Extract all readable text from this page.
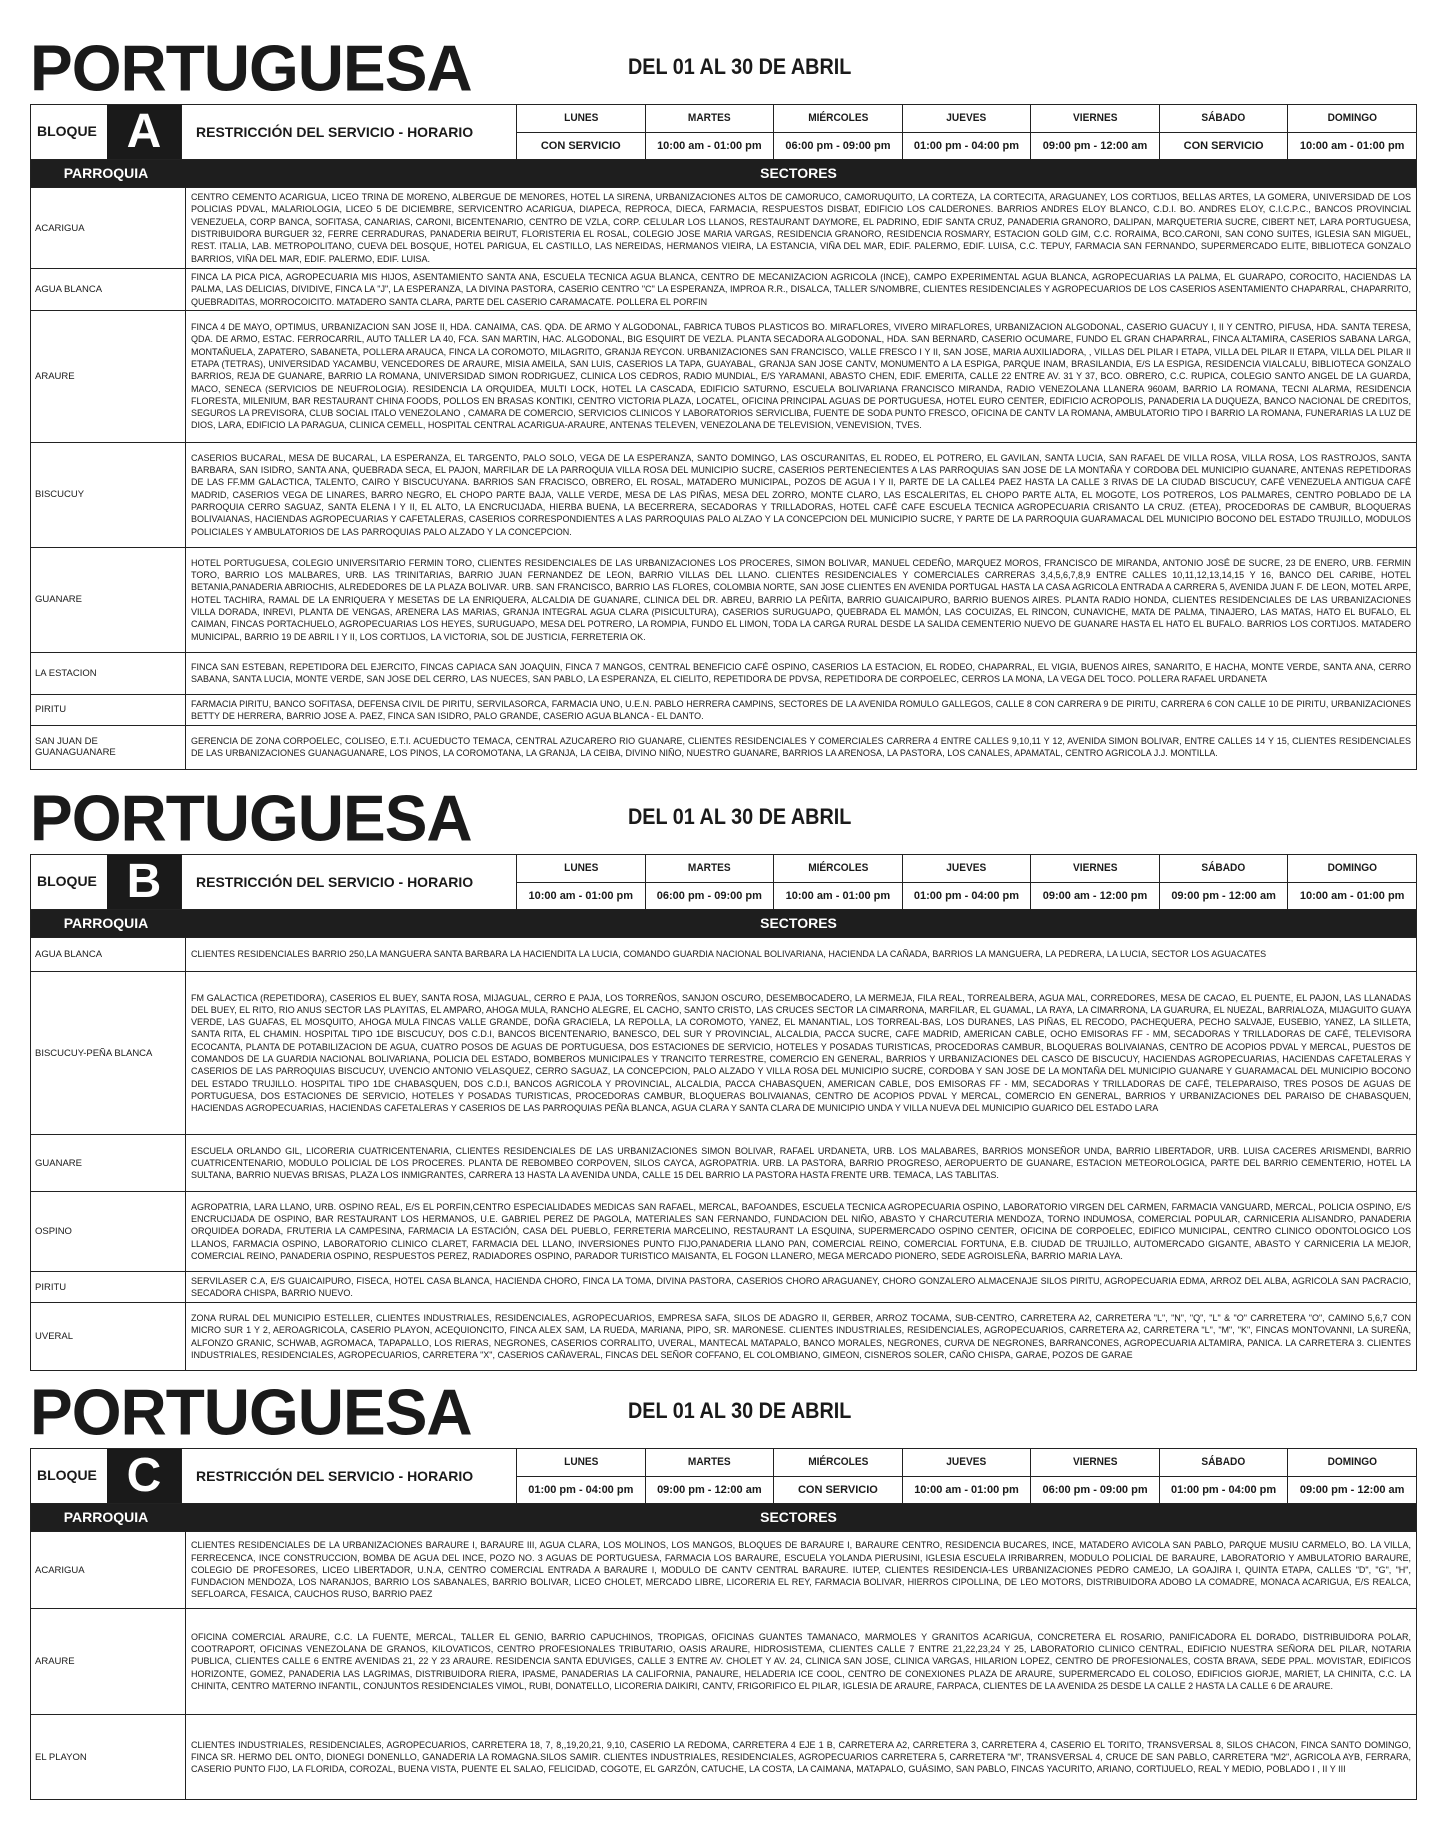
PORTUGUESA	DEL 01 AL 30 DE ABRIL
BLOQUE A	RESTRICCIÓN DEL SERVICIO - HORARIO	LUNES	MARTES	MIÉRCOLES	JUEVES	VIERNES	SÁBADO	DOMINGO
		CON SERVICIO	10:00 am - 01:00 pm	06:00 pm - 09:00 pm	01:00 pm - 04:00 pm	09:00 pm - 12:00 am	CON SERVICIO	10:00 am - 01:00 pm
PARROQUIA	SECTORES
ACARIGUA	CENTRO CEMENTO ACARIGUA, LICEO TRINA DE MORENO, ALBERGUE DE MENORES, HOTEL LA SIRENA, URBANIZACIONES ALTOS DE CAMORUCO, CAMORUQUITO, LA CORTEZA, LA CORTECITA, ARAGUANEY, LOS CORTIJOS, BELLAS ARTES, LA GOMERA, UNIVERSIDAD DE LOS POLICIAS PDVAL, MALARIOLOGIA, LICEO 5 DE DICIEMBRE, SERVICENTRO ACARIGUA, DIAPECA, REPROCA, DIECA, FARMACIA, RESPUESTOS DISBAT, EDIFICIO LOS CALDERONES. BARRIOS ANDRES ELOY BLANCO, C.D.I. BO. ANDRES ELOY, C.I.C.P.C., BANCOS PROVINCIAL VENEZUELA, CORP BANCA, SOFITASA, CANARIAS, CARONI, BICENTENARIO, CENTRO DE VZLA, CORP. CELULAR LOS LLANOS, RESTAURANT DAYMORE, EL PADRINO, EDIF SANTA CRUZ, PANADERIA GRANORO, DALIPAN, MARQUETERIA SUCRE, CIBERT NET, LARA PORTUGUESA, DISTRIBUIDORA BURGUER 32, FERRE CERRADURAS, PANADERIA BEIRUT, FLORISTERIA EL ROSAL, COLEGIO JOSE MARIA VARGAS, RESIDENCIA GRANORO, RESIDENCIA ROSMARY, ESTACION GOLD GIM, C.C. RORAIMA, BCO.CARONI, SAN CONO SUITES, IGLESIA SAN MIGUEL, REST. ITALIA, LAB. METROPOLITANO, CUEVA DEL BOSQUE, HOTEL PARIGUA, EL CASTILLO, LAS NEREIDAS, HERMANOS VIEIRA, LA ESTANCIA, VIÑA DEL MAR, EDIF. PALERMO, EDIF. LUISA, C.C. TEPUY, FARMACIA SAN FERNANDO, SUPERMERCADO ELITE, BIBLIOTECA GONZALO BARRIOS, VIÑA DEL MAR, EDIF. PALERMO, EDIF. LUISA.
AGUA BLANCA	FINCA LA PICA PICA, AGROPECUARIA MIS HIJOS, ASENTAMIENTO SANTA ANA, ESCUELA TECNICA AGUA BLANCA, CENTRO DE MECANIZACION AGRICOLA (INCE), CAMPO EXPERIMENTAL AGUA BLANCA, AGROPECUARIAS LA PALMA, EL GUARAPO, COROCITO, HACIENDAS LA PALMA, LAS DELICIAS, DIVIDIVE, FINCA LA "J", LA ESPERANZA, LA DIVINA PASTORA, CASERIO CENTRO "C" LA ESPERANZA, IMPROA R.R., DISALCA, TALLER S/NOMBRE, CLIENTES RESIDENCIALES Y AGROPECUARIOS DE LOS CASERIOS ASENTAMIENTO CHAPARRAL, CHAPARRITO, QUEBRADITAS, MORROCOICITO. MATADERO SANTA CLARA, PARTE DEL CASERIO CARAMACATE. POLLERA EL PORFIN
ARAURE	FINCA 4 DE MAYO, OPTIMUS, URBANIZACION SAN JOSE II, HDA. CANAIMA, CAS. QDA. DE ARMO Y ALGODONAL, FABRICA TUBOS PLASTICOS BO. MIRAFLORES, VIVERO MIRAFLORES, URBANIZACION ALGODONAL, CASERIO GUACUY I, II Y CENTRO, PIFUSA, HDA. SANTA TERESA, QDA. DE ARMO, ESTAC. FERROCARRIL, AUTO TALLER LA 40, FCA. SAN MARTIN, HAC. ALGODONAL, BIG ESQUIRT DE VEZLA. PLANTA SECADORA ALGODONAL, HDA. SAN BERNARD, CASERIO OCUMARE, FUNDO EL GRAN CHAPARRAL, FINCA ALTAMIRA, CASERIOS SABANA LARGA, MONTAÑUELA, ZAPATERO, SABANETA, POLLERA ARAUCA, FINCA LA COROMOTO, MILAGRITO, GRANJA REYCON. URBANIZACIONES SAN FRANCISCO, VALLE FRESCO I Y II, SAN JOSE, MARIA AUXILIADORA, , VILLAS DEL PILAR I ETAPA, VILLA DEL PILAR II ETAPA, VILLA DEL PILAR II ETAPA (TETRAS), UNIVERSIDAD YACAMBU, VENCEDORES DE ARAURE, MISIA AMEILA, SAN LUIS, CASERIOS LA TAPA, GUAYABAL, GRANJA SAN JOSE CANTV, MONUMENTO A LA ESPIGA, PARQUE INAM, BRASILANDIA, E/S LA ESPIGA, RESIDENCIA VIALCALU, BIBLIOTECA GONZALO BARRIOS, REJA DE GUANARE, BARRIO LA ROMANA, UNIVERSIDAD SIMON RODRIGUEZ, CLINICA LOS CEDROS, RADIO MUNDIAL, E/S YARAMANI, ABASTO CHEN, EDIF. EMERITA, CALLE 22 ENTRE AV. 31 Y 37, BCO. OBRERO, C.C. RUPICA, COLEGIO SANTO ANGEL DE LA GUARDA, MACO, SENECA (SERVICIOS DE NEUFROLOGIA). RESIDENCIA LA ORQUIDEA, MULTI LOCK, HOTEL LA CASCADA, EDIFICIO SATURNO, ESCUELA BOLIVARIANA FRANCISCO MIRANDA, RADIO VENEZOLANA LLANERA 960AM, BARRIO LA ROMANA, TECNI ALARMA, RESIDENCIA FLORESTA, MILENIUM, BAR RESTAURANT CHINA FOODS, POLLOS EN BRASAS KONTIKI, CENTRO VICTORIA PLAZA, LOCATEL, OFICINA PRINCIPAL AGUAS DE PORTUGUESA, HOTEL EURO CENTER, EDIFICIO ACROPOLIS, PANADERIA LA DUQUEZA, BANCO NACIONAL DE CREDITOS, SEGUROS LA PREVISORA, CLUB SOCIAL ITALO VENEZOLANO , CAMARA DE COMERCIO, SERVICIOS CLINICOS Y LABORATORIOS SERVICLIBA, FUENTE DE SODA PUNTO FRESCO, OFICINA DE CANTV LA ROMANA, AMBULATORIO TIPO I BARRIO LA ROMANA, FUNERARIAS LA LUZ DE DIOS, LARA, EDIFICIO LA PARAGUA, CLINICA CEMELL, HOSPITAL CENTRAL ACARIGUA-ARAURE, ANTENAS TELEVEN, VENEZOLANA DE TELEVISION, VENEVISION, TVES.
BISCUCUY	CASERIOS BUCARAL, MESA DE BUCARAL, LA ESPERANZA, EL TARGENTO, PALO SOLO, VEGA DE LA ESPERANZA, SANTO DOMINGO, LAS OSCURANITAS, EL RODEO, EL POTRERO, EL GAVILAN, SANTA LUCIA, SAN RAFAEL DE VILLA ROSA, VILLA ROSA, LOS RASTROJOS, SANTA BARBARA, SAN ISIDRO, SANTA ANA, QUEBRADA SECA, EL PAJON, MARFILAR DE LA PARROQUIA VILLA ROSA DEL MUNICIPIO SUCRE, CASERIOS PERTENECIENTES A LAS PARROQUIAS SAN JOSE DE LA MONTAÑA Y CORDOBA DEL MUNICIPIO GUANARE, ANTENAS REPETIDORAS DE LAS FF.MM GALACTICA, TALENTO, CAIRO Y BISCUCUYANA. BARRIOS SAN FRACISCO, OBRERO, EL ROSAL, MATADERO MUNICIPAL, POZOS DE AGUA I Y II, PARTE DE LA CALLE4 PAEZ HASTA LA CALLE 3 RIVAS DE LA CIUDAD BISCUCUY, CAFÉ VENEZUELA ANTIGUA CAFÉ MADRID, CASERIOS VEGA DE LINARES, BARRO NEGRO, EL CHOPO PARTE BAJA, VALLE VERDE, MESA DE LAS PIÑAS, MESA DEL ZORRO, MONTE CLARO, LAS ESCALERITAS, EL CHOPO PARTE ALTA, EL MOGOTE, LOS POTREROS, LOS PALMARES, CENTRO POBLADO DE LA PARROQUIA CERRO SAGUAZ, SANTA ELENA I Y II, EL ALTO, LA ENCRUCIJADA, HIERBA BUENA, LA BECERRERA, SECADORAS Y TRILLADORAS, HOTEL CAFÉ CAFE ESCUELA TECNICA AGROPECUARIA CRISANTO LA CRUZ. (ETEA), PROCEDORAS DE CAMBUR, BLOQUERAS BOLIVAIANAS, HACIENDAS AGROPECUARIAS Y CAFETALERAS, CASERIOS CORRESPONDIENTES A LAS PARROQUIAS PALO ALZAO Y LA CONCEPCION DEL MUNICIPIO SUCRE, Y PARTE DE LA PARROQUIA GUARAMACAL DEL MUNICIPIO BOCONO DEL ESTADO TRUJILLO, MODULOS POLICIALES Y AMBULATORIOS DE LAS PARROQUIAS PALO ALZADO Y LA CONCEPCION.
GUANARE	HOTEL PORTUGUESA, COLEGIO UNIVERSITARIO FERMIN TORO, CLIENTES RESIDENCIALES DE LAS URBANIZACIONES LOS PROCERES, SIMON BOLIVAR, MANUEL CEDEÑO, MARQUEZ MOROS, FRANCISCO DE MIRANDA, ANTONIO JOSÉ DE SUCRE, 23 DE ENERO, URB. FERMIN TORO, BARRIO LOS MALBARES, URB. LAS TRINITARIAS, BARRIO JUAN FERNANDEZ DE LEON, BARRIO VILLAS DEL LLANO. CLIENTES RESIDENCIALES Y COMERCIALES CARRERAS 3,4,5,6,7,8,9 ENTRE CALLES 10,11,12,13,14,15 Y 16, BANCO DEL CARIBE, HOTEL BETANIA,PANADERIA ABRIOCHIS, ALREDEDORES DE LA PLAZA BOLIVAR. URB. SAN FRANCISCO, BARRIO LAS FLORES, COLOMBIA NORTE, SAN JOSE CLIENTES EN AVENIDA PORTUGAL HASTA LA CASA AGRICOLA ENTRADA A CARRERA 5, AVENIDA JUAN F. DE LEON, MOTEL ARPE, HOTEL TACHIRA, RAMAL DE LA ENRIQUERA Y MESETAS DE LA ENRIQUERA, ALCALDIA DE GUANARE, CLINICA DEL DR. ABREU, BARRIO LA PEÑITA, BARRIO GUAICAIPURO, BARRIO BUENOS AIRES. PLANTA RADIO HONDA, CLIENTES RESIDENCIALES DE LAS URBANIZACIONES VILLA DORADA, INREVI, PLANTA DE VENGAS, ARENERA LAS MARIAS, GRANJA INTEGRAL AGUA CLARA (PISICULTURA), CASERIOS SURUGUAPO, QUEBRADA EL MAMÓN, LAS COCUIZAS, EL RINCON, CUNAVICHE, MATA DE PALMA, TINAJERO, LAS MATAS, HATO EL BUFALO, EL CAIMAN, FINCAS PORTACHUELO, AGROPECUARIAS LOS HEYES, SURUGUAPO, MESA DEL POTRERO, LA ROMPIA, FUNDO EL LIMON, TODA LA CARGA RURAL DESDE LA SALIDA CEMENTERIO NUEVO DE GUANARE HASTA EL HATO EL BUFALO. BARRIOS LOS CORTIJOS. MATADERO MUNICIPAL, BARRIO 19 DE ABRIL I Y II, LOS CORTIJOS, LA VICTORIA, SOL DE JUSTICIA, FERRETERIA OK.
LA ESTACION	FINCA SAN ESTEBAN, REPETIDORA DEL EJERCITO, FINCAS CAPIACA SAN JOAQUIN, FINCA 7 MANGOS, CENTRAL BENEFICIO CAFÉ OSPINO, CASERIOS LA ESTACION, EL RODEO, CHAPARRAL, EL VIGIA, BUENOS AIRES, SANARITO, E HACHA, MONTE VERDE, SANTA ANA, CERRO SABANA, SANTA LUCIA, MONTE VERDE, SAN JOSE DEL CERRO, LAS NUECES, SAN PABLO, LA ESPERANZA, EL CIELITO, REPETIDORA DE PDVSA, REPETIDORA DE CORPOELEC, CERROS LA MONA, LA VEGA DEL TOCO. POLLERA RAFAEL URDANETA
PIRITU	FARMACIA PIRITU, BANCO SOFITASA, DEFENSA CIVIL DE PIRITU, SERVILASORCA, FARMACIA UNO, U.E.N. PABLO HERRERA CAMPINS, SECTORES DE LA AVENIDA ROMULO GALLEGOS, CALLE 8 CON CARRERA 9 DE PIRITU, CARRERA 6 CON CALLE 10 DE PIRITU, URBANIZACIONES BETTY DE HERRERA, BARRIO JOSE A. PAEZ, FINCA SAN ISIDRO, PALO GRANDE, CASERIO AGUA BLANCA - EL DANTO.
SAN JUAN DE GUANAGUANARE	GERENCIA DE ZONA CORPOELEC, COLISEO, E.T.I. ACUEDUCTO TEMACA, CENTRAL AZUCARERO RIO GUANARE, CLIENTES RESIDENCIALES Y COMERCIALES CARRERA 4 ENTRE CALLES 9,10,11 Y 12, AVENIDA SIMON BOLIVAR, ENTRE CALLES 14 Y 15, CLIENTES RESIDENCIALES DE LAS URBANIZACIONES GUANAGUANARE, LOS PINOS, LA COROMOTANA, LA GRANJA, LA CEIBA, DIVINO NIÑO, NUESTRO GUANARE, BARRIOS LA ARENOSA, LA PASTORA, LOS CANALES, APAMATAL, CENTRO AGRICOLA J.J. MONTILLA.
PORTUGUESA	DEL 01 AL 30 DE ABRIL
BLOQUE B	RESTRICCIÓN DEL SERVICIO - HORARIO	LUNES	MARTES	MIÉRCOLES	JUEVES	VIERNES	SÁBADO	DOMINGO
		10:00 am - 01:00 pm	06:00 pm - 09:00 pm	10:00 am - 01:00 pm	01:00 pm - 04:00 pm	09:00 am - 12:00 pm	09:00 pm - 12:00 am	10:00 am - 01:00 pm
PARROQUIA	SECTORES
AGUA BLANCA	CLIENTES RESIDENCIALES BARRIO 250,LA MANGUERA SANTA BARBARA LA HACIENDITA LA LUCIA, COMANDO GUARDIA NACIONAL BOLIVARIANA, HACIENDA LA CAÑADA, BARRIOS LA MANGUERA, LA PEDRERA, LA LUCIA, SECTOR LOS AGUACATES
BISCUCUY-PEÑA BLANCA	FM GALACTICA (REPETIDORA), CASERIOS EL BUEY, SANTA ROSA, MIJAGUAL, CERRO E PAJA, LOS TORREÑOS, SANJON OSCURO, DESEMBOCADERO, LA MERMEJA, FILA REAL, TORREALBERA, AGUA MAL, CORREDORES, MESA DE CACAO, EL PUENTE, EL PAJON, LAS LLANADAS DEL BUEY, EL RITO, RIO ANUS SECTOR LAS PLAYITAS, EL AMPARO, AHOGA MULA, RANCHO ALEGRE, EL CACHO, SANTO CRISTO, LAS CRUCES SECTOR LA CIMARRONA, MARFILAR, EL GUAMAL, LA RAYA, LA CIMARRONA, LA GUARURA, EL NUEZAL, BARRIALOZA, MIJAGUITO GUAYA VERDE, LAS GUAFAS, EL MOSQUITO, AHOGA MULA FINCAS VALLE GRANDE, DOÑA GRACIELA, LA REPOLLA, LA COROMOTO, YANEZ, EL MANANTIAL, LOS TORREAL-BAS, LOS DURANES, LAS PIÑAS, EL RECODO, PACHEQUERA, PECHO SALVAJE, EUSEBIO, YANEZ, LA SILLETA, SANTA RITA, EL CHAMIN. HOSPITAL TIPO 1DE BISCUCUY, DOS C.D.I, BANCOS BICENTENARIO, BANESCO, DEL SUR Y PROVINCIAL, ALCALDIA, PACCA SUCRE, CAFE MADRID, AMERICAN CABLE, OCHO EMISORAS FF - MM, SECADORAS Y TRILLADORAS DE CAFÉ, TELEVISORA ECOCANTA, PLANTA DE POTABILIZACION DE AGUA, CUATRO POSOS DE AGUAS DE PORTUGUESA, DOS ESTACIONES DE SERVICIO, HOTELES Y POSADAS TURISTICAS, PROCEDORAS CAMBUR, BLOQUERAS BOLIVAIANAS, CENTRO DE ACOPIOS PDVAL Y MERCAL, PUESTOS DE COMANDOS DE LA GUARDIA NACIONAL BOLIVARIANA, POLICIA DEL ESTADO, BOMBEROS MUNICIPALES Y TRANCITO TERRESTRE, COMERCIO EN GENERAL, BARRIOS Y URBANIZACIONES DEL CASCO DE BISCUCUY, HACIENDAS AGROPECUARIAS, HACIENDAS CAFETALERAS Y CASERIOS DE LAS PARROQUIAS BISCUCUY, UVENCIO ANTONIO VELASQUEZ, CERRO SAGUAZ, LA CONCEPCION, PALO ALZADO Y VILLA ROSA DEL MUNICIPIO SUCRE, CORDOBA Y SAN JOSE DE LA MONTAÑA DEL MUNICIPIO GUANARE Y GUARAMACAL DEL MUNICIPIO BOCONO DEL ESTADO TRUJILLO. HOSPITAL TIPO 1DE CHABASQUEN, DOS C.D.I, BANCOS AGRICOLA Y PROVINCIAL, ALCALDIA, PACCA CHABASQUEN, AMERICAN CABLE, DOS EMISORAS FF - MM, SECADORAS Y TRILLADORAS DE CAFÉ, TELEPARAISO, TRES POSOS DE AGUAS DE PORTUGUESA, DOS ESTACIONES DE SERVICIO, HOTELES Y POSADAS TURISTICAS, PROCEDORAS CAMBUR, BLOQUERAS BOLIVAIANAS, CENTRO DE ACOPIOS PDVAL Y MERCAL, COMERCIO EN GENERAL, BARRIOS Y URBANIZACIONES DEL PARAISO DE CHABASQUEN, HACIENDAS AGROPECUARIAS, HACIENDAS CAFETALERAS Y CASERIOS DE LAS PARROQUIAS PEÑA BLANCA, AGUA CLARA Y SANTA CLARA DE MUNICIPIO UNDA Y VILLA NUEVA DEL MUNICIPIO GUARICO DEL ESTADO LARA
GUANARE	ESCUELA ORLANDO GIL, LICORERIA CUATRICENTENARIA, CLIENTES RESIDENCIALES DE LAS URBANIZACIONES SIMON BOLIVAR, RAFAEL URDANETA, URB. LOS MALABARES, BARRIOS MONSEÑOR UNDA, BARRIO LIBERTADOR, URB. LUISA CACERES ARISMENDI, BARRIO CUATRICENTENARIO, MODULO POLICIAL DE LOS PROCERES. PLANTA DE REBOMBEO CORPOVEN, SILOS CAYCA, AGROPATRIA. URB. LA PASTORA, BARRIO PROGRESO, AEROPUERTO DE GUANARE, ESTACION METEOROLOGICA, PARTE DEL BARRIO CEMENTERIO, HOTEL LA SULTANA, BARRIO NUEVAS BRISAS, PLAZA LOS INMIGRANTES, CARRERA 13 HASTA LA AVENIDA UNDA, CALLE 15 DEL BARRIO LA PASTORA HASTA FRENTE URB. TEMACA, LAS TABLITAS.
OSPINO	AGROPATRIA, LARA LLANO, URB. OSPINO REAL, E/S EL PORFIN,CENTRO ESPECIALIDADES MEDICAS SAN RAFAEL, MERCAL, BAFOANDES, ESCUELA TECNICA AGROPECUARIA OSPINO, LABORATORIO VIRGEN DEL CARMEN, FARMACIA VANGUARD, MERCAL, POLICIA OSPINO, E/S ENCRUCIJADA DE OSPINO, BAR RESTAURANT LOS HERMANOS, U.E. GABRIEL PEREZ DE PAGOLA, MATERIALES SAN FERNANDO, FUNDACION DEL NIÑO, ABASTO Y CHARCUTERIA MENDOZA, TORNO INDUMOSA, COMERCIAL POPULAR, CARNICERIA ALISANDRO, PANADERIA ORQUIDEA DORADA, FRUTERIA LA CAMPESINA, FARMACIA LA ESTACIÓN, CASA DEL PUEBLO, FERRETERIA MARCELINO, RESTAURANT LA ESQUINA, SUPERMERCADO OSPINO CENTER, OFICINA DE CORPOELEC, EDIFICO MUNICIPAL, CENTRO CLINICO ODONTOLOGICO LOS LLANOS, FARMACIA OSPINO, LABORATORIO CLINICO CLARET, FARMACIA DEL LLANO, INVERSIONES PUNTO FIJO,PANADERIA LLANO PAN, COMERCIAL REINO, COMERCIAL FORTUNA, E.B. CIUDAD DE TRUJILLO, AUTOMERCADO GIGANTE, ABASTO Y CARNICERIA LA MEJOR, COMERCIAL REINO, PANADERIA OSPINO, RESPUESTOS PEREZ, RADIADORES OSPINO, PARADOR TURISTICO MAISANTA, EL FOGON LLANERO, MEGA MERCADO PIONERO, SEDE AGROISLEÑA, BARRIO MARIA LAYA.
PIRITU	SERVILASER C.A, E/S GUAICAIPURO, FISECA, HOTEL CASA BLANCA, HACIENDA CHORO, FINCA LA TOMA, DIVINA PASTORA, CASERIOS CHORO ARAGUANEY, CHORO GONZALERO ALMACENAJE SILOS PIRITU, AGROPECUARIA EDMA, ARROZ DEL ALBA, AGRICOLA SAN PACRACIO, SECADORA CHISPA, BARRIO NUEVO.
UVERAL	ZONA RURAL DEL MUNICIPIO ESTELLER, CLIENTES INDUSTRIALES, RESIDENCIALES, AGROPECUARIOS, EMPRESA SAFA, SILOS DE ADAGRO II, GERBER, ARROZ TOCAMA, SUB-CENTRO, CARRETERA A2, CARRETERA "L", "N", "Q", "L" & "O" CARRETERA "O", CAMINO 5,6,7 CON MICRO SUR 1 Y 2, AEROAGRICOLA, CASERIO PLAYON, ACEQUIONCITO, FINCA ALEX SAM, LA RUEDA, MARIANA, PIPO, SR. MARONESE. CLIENTES INDUSTRIALES, RESIDENCIALES, AGROPECUARIOS, CARRETERA A2, CARRETERA "L", "M", "K", FINCAS MONTOVANNI, LA SUREÑA, ALFONZO GRANIC, SCHWAB, AGROMACA, TAPAPALLO, LOS RIERAS, NEGRONES, CASERIOS CORRALITO, UVERAL, MANTECAL MATAPALO, BANCO MORALES, NEGRONES, CURVA DE NEGRONES, BARRANCONES, AGROPECUARIA ALTAMIRA, PANICA. LA CARRETERA 3. CLIENTES INDUSTRIALES, RESIDENCIALES, AGROPECUARIOS, CARRETERA "X", CASERIOS CAÑAVERAL, FINCAS DEL SEÑOR COFFANO, EL COLOMBIANO, GIMEON, CISNEROS SOLER, CAÑO CHISPA, GARAE, POZOS DE GARAE
PORTUGUESA	DEL 01 AL 30 DE ABRIL
BLOQUE C	RESTRICCIÓN DEL SERVICIO - HORARIO	LUNES	MARTES	MIÉRCOLES	JUEVES	VIERNES	SÁBADO	DOMINGO
		01:00 pm - 04:00 pm	09:00 pm - 12:00 am	CON SERVICIO	10:00 am - 01:00 pm	06:00 pm - 09:00 pm	01:00 pm - 04:00 pm	09:00 pm - 12:00 am
PARROQUIA	SECTORES
ACARIGUA	CLIENTES RESIDENCIALES DE LA URBANIZACIONES BARAURE I, BARAURE III, AGUA CLARA, LOS MOLINOS, LOS MANGOS, BLOQUES DE BARAURE I, BARAURE CENTRO, RESIDENCIA BUCARES, INCE, MATADERO AVICOLA SAN PABLO, PARQUE MUSIU CARMELO, BO. LA VILLA, FERRECENCA, INCE CONSTRUCCION, BOMBA DE AGUA DEL INCE, POZO NO. 3 AGUAS DE PORTUGUESA, FARMACIA LOS BARAURE, ESCUELA YOLANDA PIERUSINI, IGLESIA ESCUELA IRRIBARREN, MODULO POLICIAL DE BARAURE, LABORATORIO Y AMBULATORIO BARAURE, COLEGIO DE PROFESORES, LICEO LIBERTADOR, U.N.A, CENTRO COMERCIAL ENTRADA A BARAURE I, MODULO DE CANTV CENTRAL BARAURE. IUTEP, CLIENTES RESIDENCIA-LES URBANIZACIONES PEDRO CAMEJO, LA GOAJIRA I, QUINTA ETAPA, CALLES "D", "G", "H", FUNDACION MENDOZA, LOS NARANJOS, BARRIO LOS SABANALES, BARRIO BOLIVAR, LICEO CHOLET, MERCADO LIBRE, LICORERIA EL REY, FARMACIA BOLIVAR, HIERROS CIPOLLINA, DE LEO MOTORS, DISTRIBUIDORA ADOBO LA COMADRE, MONACA ACARIGUA, E/S REALCA, SEFLOARCA, FESAICA, CAUCHOS RUSO, BARRIO PAEZ
ARAURE	OFICINA COMERCIAL ARAURE, C.C. LA FUENTE, MERCAL, TALLER EL GENIO, BARRIO CAPUCHINOS, TROPIGAS, OFICINAS GUANTES TAMANACO, MARMOLES Y GRANITOS ACARIGUA, CONCRETERA EL ROSARIO, PANIFICADORA EL DORADO, DISTRIBUIDORA POLAR, COOTRAPORT, OFICINAS VENEZOLANA DE GRANOS, KILOVATICOS, CENTRO PROFESIONALES TRIBUTARIO, OASIS ARAURE, HIDROSISTEMA, CLIENTES CALLE 7 ENTRE 21,22,23,24 Y 25, LABORATORIO CLINICO CENTRAL, EDIFICIO NUESTRA SEÑORA DEL PILAR, NOTARIA PUBLICA, CLIENTES CALLE 6 ENTRE AVENIDAS 21, 22 Y 23 ARAURE. RESIDENCIA SANTA EDUVIGES, CALLE 3 ENTRE AV. CHOLET Y AV. 24, CLINICA SAN JOSE, CLINICA VARGAS, HILARION LOPEZ, CENTRO DE PROFESIONALES, COSTA BRAVA, SEDE PPAL. MOVISTAR, EDIFICOS HORIZONTE, GOMEZ, PANADERIA LAS LAGRIMAS, DISTRIBUIDORA RIERA, IPASME, PANADERIAS LA CALIFORNIA, PANAURE, HELADERIA ICE COOL, CENTRO DE CONEXIONES PLAZA DE ARAURE, SUPERMERCADO EL COLOSO, EDIFICIOS GIORJE, MARIET, LA CHINITA, C.C. LA CHINITA, CENTRO MATERNO INFANTIL, CONJUNTOS RESIDENCIALES VIMOL, RUBI, DONATELLO, LICORERIA DAIKIRI, CANTV, FRIGORIFICO EL PILAR, IGLESIA DE ARAURE, FARPACA, CLIENTES DE LA AVENIDA 25 DESDE LA CALLE 2 HASTA LA CALLE 6 DE ARAURE.
EL PLAYON	CLIENTES INDUSTRIALES, RESIDENCIALES, AGROPECUARIOS, CARRETERA 18, 7, 8,,19,20,21, 9,10, CASERIO LA REDOMA, CARRETERA 4 EJE 1 B, CARRETERA A2, CARRETERA 3, CARRETERA 4, CASERIO EL TORITO, TRANSVERSAL 8, SILOS CHACON, FINCA SANTO DOMINGO, FINCA SR. HERMO DEL ONTO, DIONEGI DONENLLO, GANADERIA LA ROMAGNA.SILOS SAMIR. CLIENTES INDUSTRIALES, RESIDENCIALES, AGROPECUARIOS CARRETERA 5, CARRETERA "M", TRANSVERSAL 4, CRUCE DE SAN PABLO, CARRETERA "M2", AGRICOLA AYB, FERRARA, CASERIO PUNTO FIJO, LA FLORIDA, COROZAL, BUENA VISTA, PUENTE EL SALAO, FELICIDAD, COGOTE, EL GARZÓN, CATUCHE, LA COSTA, LA CAIMANA, MATAPALO, GUÁSIMO, SAN PABLO, FINCAS YACURITO, ARIANO, CORTIJUELO, REAL Y MEDIO, POBLADO I , II Y III
